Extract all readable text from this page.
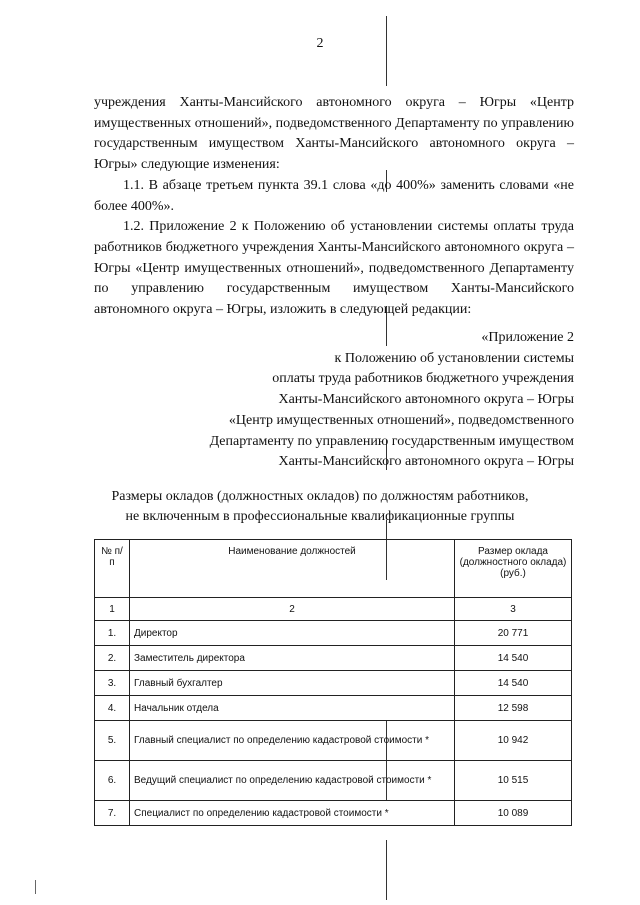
2

учреждения Ханты-Мансийского автономного округа – Югры «Центр имущественных отношений», подведомственного Департаменту по управлению государственным имуществом Ханты-Мансийского автономного округа – Югры» следующие изменения:

1.1. В абзаце третьем пункта 39.1 слова «до 400%» заменить словами «не более 400%».

1.2. Приложение 2 к Положению об установлении системы оплаты труда работников бюджетного учреждения Ханты-Мансийского автономного округа – Югры «Центр имущественных отношений», подведомственного Департаменту по управлению государственным имуществом Ханты-Мансийского автономного округа – Югры, изложить в следующей редакции:

«Приложение 2
к Положению об установлении системы
оплаты труда работников бюджетного учреждения
Ханты-Мансийского автономного округа – Югры
«Центр имущественных отношений», подведомственного
Департаменту по управлению государственным имуществом
Ханты-Мансийского автономного округа – Югры
Размеры окладов (должностных окладов) по должностям работников,
не включенным в профессиональные квалификационные группы
№ п/п	Наименование должностей	Размер оклада (должностного оклада) (руб.)
1	2	3
1.	Директор	20 771
2.	Заместитель директора	14 540
3.	Главный бухгалтер	14 540
4.	Начальник отдела	12 598
5.	Главный специалист по определению кадастровой стоимости *	10 942
6.	Ведущий специалист по определению кадастровой стоимости *	10 515
7.	Специалист по определению кадастровой стоимости *	10 089
